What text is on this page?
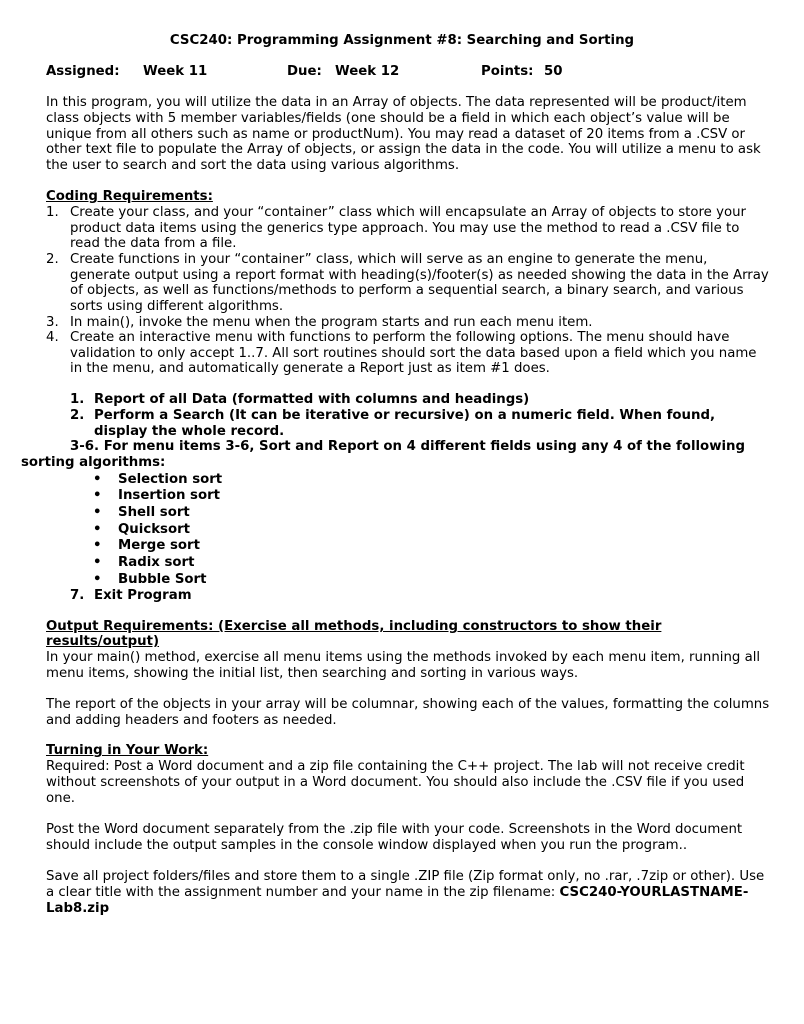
CSC240: Programming Assignment #8: Searching and Sorting
Assigned: Week 11	Due: Week 12	Points: 50
In this program, you will utilize the data in an Array of objects. The data represented will be product/item class objects with 5 member variables/fields (one should be a field in which each object’s value will be unique from all others such as name or productNum). You may read a dataset of 20 items from a .CSV or other text file to populate the Array of objects, or assign the data in the code. You will utilize a menu to ask the user to search and sort the data using various algorithms.
Coding Requirements:
1. Create your class, and your “container” class which will encapsulate an Array of objects to store your product data items using the generics type approach. You may use the method to read a .CSV file to read the data from a file.
2. Create functions in your “container” class, which will serve as an engine to generate the menu, generate output using a report format with heading(s)/footer(s) as needed showing the data in the Array of objects, as well as functions/methods to perform a sequential search, a binary search, and various sorts using different algorithms.
3. In main(), invoke the menu when the program starts and run each menu item.
4. Create an interactive menu with functions to perform the following options. The menu should have validation to only accept 1..7. All sort routines should sort the data based upon a field which you name in the menu, and automatically generate a Report just as item #1 does.
1. Report of all Data (formatted with columns and headings)
2. Perform a Search (It can be iterative or recursive) on a numeric field. When found, display the whole record.
3-6. For menu items 3-6, Sort and Report on 4 different fields using any 4 of the following
sorting algorithms:
• Selection sort
• Insertion sort
• Shell sort
• Quicksort
• Merge sort
• Radix sort
• Bubble Sort
7. Exit Program
Output Requirements: (Exercise all methods, including constructors to show their
results/output)
In your main() method, exercise all menu items using the methods invoked by each menu item, running all menu items, showing the initial list, then searching and sorting in various ways.
The report of the objects in your array will be columnar, showing each of the values, formatting the columns and adding headers and footers as needed.
Turning in Your Work:
Required: Post a Word document and a zip file containing the C++ project. The lab will not receive credit without screenshots of your output in a Word document. You should also include the .CSV file if you used one.
Post the Word document separately from the .zip file with your code. Screenshots in the Word document should include the output samples in the console window displayed when you run the program..
Save all project folders/files and store them to a single .ZIP file (Zip format only, no .rar, .7zip or other). Use a clear title with the assignment number and your name in the zip filename: CSC240-YOURLASTNAME-Lab8.zip
